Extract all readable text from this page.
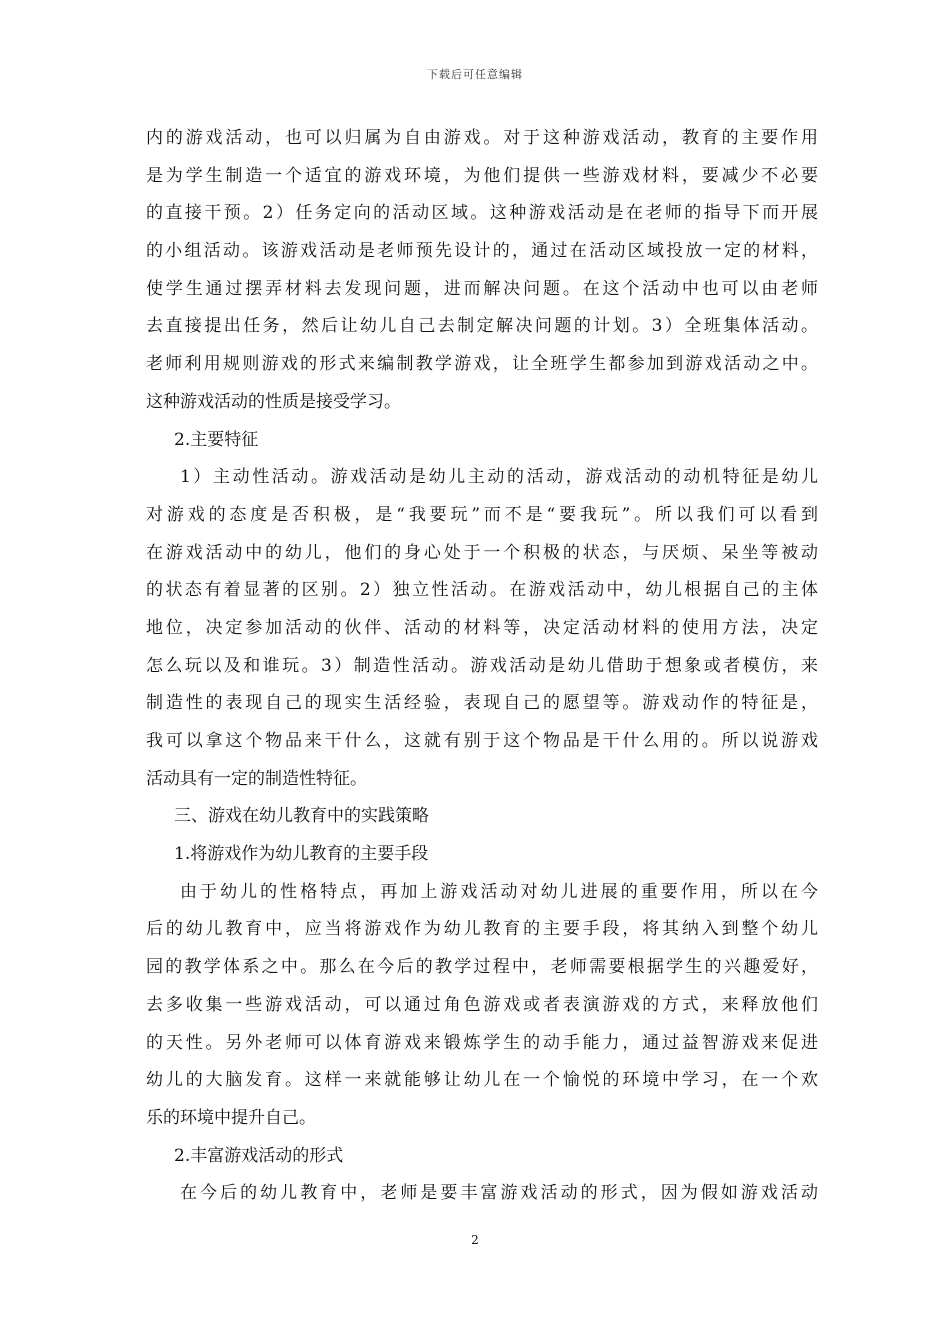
下载后可任意编辑
内的游戏活动，也可以归属为自由游戏。对于这种游戏活动，教育的主要作用
是为学生制造一个适宜的游戏环境，为他们提供一些游戏材料，要减少不必要
的直接干预。2）任务定向的活动区域。这种游戏活动是在老师的指导下而开展
的小组活动。该游戏活动是老师预先设计的，通过在活动区域投放一定的材料，
使学生通过摆弄材料去发现问题，进而解决问题。在这个活动中也可以由老师
去直接提出任务，然后让幼儿自己去制定解决问题的计划。3）全班集体活动。
老师利用规则游戏的形式来编制教学游戏，让全班学生都参加到游戏活动之中。
这种游戏活动的性质是接受学习。
2.主要特征
1）主动性活动。游戏活动是幼儿主动的活动，游戏活动的动机特征是幼儿
对游戏的态度是否积极，是“我要玩”而不是“要我玩”。所以我们可以看到
在游戏活动中的幼儿，他们的身心处于一个积极的状态，与厌烦、呆坐等被动
的状态有着显著的区别。2）独立性活动。在游戏活动中，幼儿根据自己的主体
地位，决定参加活动的伙伴、活动的材料等，决定活动材料的使用方法，决定
怎么玩以及和谁玩。3）制造性活动。游戏活动是幼儿借助于想象或者模仿，来
制造性的表现自己的现实生活经验，表现自己的愿望等。游戏动作的特征是，
我可以拿这个物品来干什么，这就有别于这个物品是干什么用的。所以说游戏
活动具有一定的制造性特征。
三、游戏在幼儿教育中的实践策略
1.将游戏作为幼儿教育的主要手段
由于幼儿的性格特点，再加上游戏活动对幼儿进展的重要作用，所以在今
后的幼儿教育中，应当将游戏作为幼儿教育的主要手段，将其纳入到整个幼儿
园的教学体系之中。那么在今后的教学过程中，老师需要根据学生的兴趣爱好，
去多收集一些游戏活动，可以通过角色游戏或者表演游戏的方式，来释放他们
的天性。另外老师可以体育游戏来锻炼学生的动手能力，通过益智游戏来促进
幼儿的大脑发育。这样一来就能够让幼儿在一个愉悦的环境中学习，在一个欢
乐的环境中提升自己。
2.丰富游戏活动的形式
在今后的幼儿教育中，老师是要丰富游戏活动的形式，因为假如游戏活动
2
